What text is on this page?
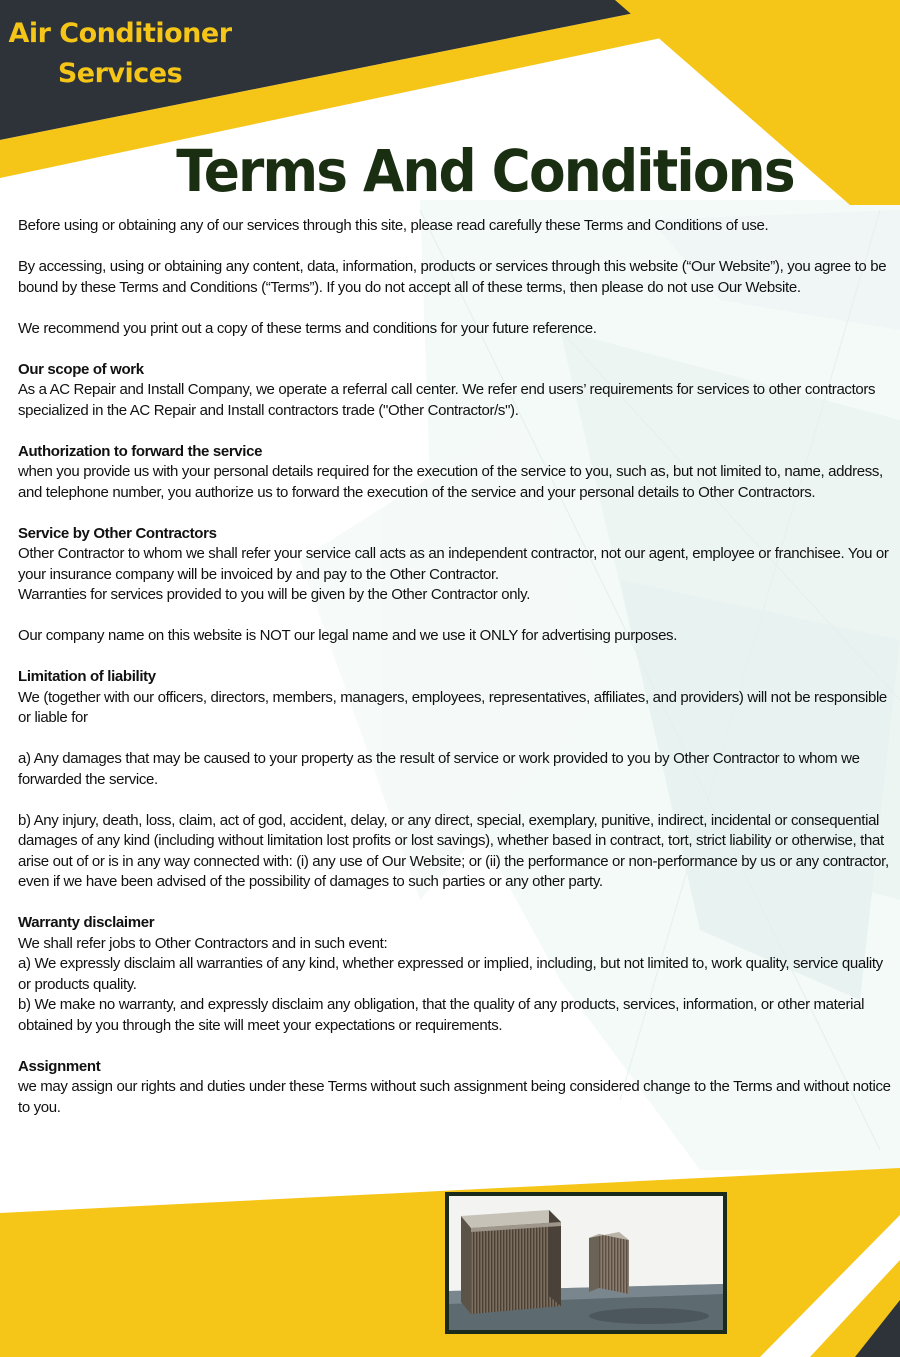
Air Conditioner
Services
Terms And Conditions

Before using or obtaining any of our services through this site, please read carefully these Terms and Conditions of use.

By accessing, using or obtaining any content, data, information, products or services through this website (“Our Website”), you agree to be bound by these Terms and Conditions (“Terms”). If you do not accept all of these terms, then please do not use Our Website.

We recommend you print out a copy of these terms and conditions for your future reference.

Our scope of work

As a AC Repair and Install Company, we operate a referral call center. We refer end users’ requirements for services to other contractors specialized in the AC Repair and Install contractors trade ("Other Contractor/s").

Authorization to forward the service

when you provide us with your personal details required for the execution of the service to you, such as, but not limited to, name, address, and telephone number, you authorize us to forward the execution of the service and your personal details to Other Contractors.

Service by Other Contractors

Other Contractor to whom we shall refer your service call acts as an independent contractor, not our agent, employee or franchisee. You or your insurance company will be invoiced by and pay to the Other Contractor.

Warranties for services provided to you will be given by the Other Contractor only.

Our company name on this website is NOT our legal name and we use it ONLY for advertising purposes.

Limitation of liability

We (together with our officers, directors, members, managers, employees, representatives, affiliates, and providers) will not be responsible or liable for

a) Any damages that may be caused to your property as the result of service or work provided to you by Other Contractor to whom we forwarded the service.

b) Any injury, death, loss, claim, act of god, accident, delay, or any direct, special, exemplary, punitive, indirect, incidental or consequential damages of any kind (including without limitation lost profits or lost savings), whether based in contract, tort, strict liability or otherwise, that arise out of or is in any way connected with: (i) any use of Our Website; or (ii) the performance or non-performance by us or any contractor, even if we have been advised of the possibility of damages to such parties or any other party.

Warranty disclaimer

We shall refer jobs to Other Contractors and in such event:

a) We expressly disclaim all warranties of any kind, whether expressed or implied, including, but not limited to, work quality, service quality or products quality.

b) We make no warranty, and expressly disclaim any obligation, that the quality of any products, services, information, or other material obtained by you through the site will meet your expectations or requirements.

Assignment

we may assign our rights and duties under these Terms without such assignment being considered change to the Terms and without notice to you.
